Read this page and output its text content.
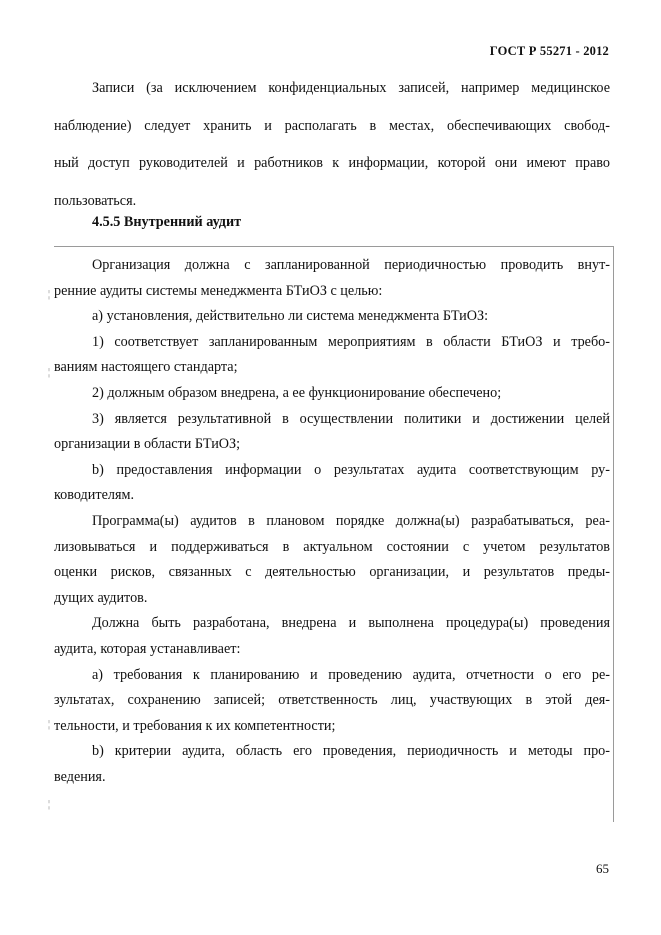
ГОСТ Р 55271 - 2012
Записи (за исключением конфиденциальных записей, например медицинское
наблюдение) следует хранить и располагать в местах, обеспечивающих свобод-
ный доступ руководителей и работников к информации, которой они имеют право
пользоваться.
4.5.5 Внутренний аудит
¦
¦
¦
¦
Организация должна с запланированной периодичностью проводить внут-
ренние аудиты системы менеджмента БТиОЗ с целью:
а) установления, действительно ли система менеджмента БТиОЗ:
1) соответствует запланированным мероприятиям в области БТиОЗ и требо-
ваниям настоящего стандарта;
2) должным образом внедрена, а ее функционирование обеспечено;
3) является результативной в осуществлении политики и достижении целей
организации в области БТиОЗ;
b) предоставления информации о результатах аудита соответствующим ру-
ководителям.
Программа(ы) аудитов в плановом порядке должна(ы) разрабатываться, реа-
лизовываться и поддерживаться в актуальном состоянии с учетом результатов
оценки рисков, связанных с деятельностью организации, и результатов преды-
дущих аудитов.
Должна быть разработана, внедрена и выполнена процедура(ы) проведения
аудита, которая устанавливает:
а) требования к планированию и проведению аудита, отчетности о его ре-
зультатах, сохранению записей; ответственность лиц, участвующих в этой дея-
тельности, и требования к их компетентности;
b) критерии аудита, область его проведения, периодичность и методы про-
ведения.
65
